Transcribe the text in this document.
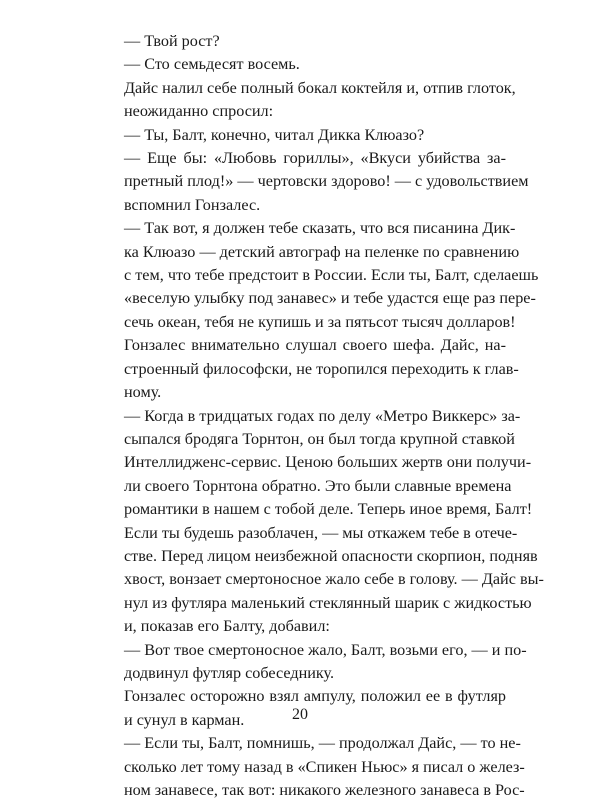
— Твой рост?

— Сто семьдесят восемь.

Дайс налил себе полный бокал коктейля и, отпив глоток,
неожиданно спросил:

— Ты, Балт, конечно, читал Дикка Клюазо?

— Еще бы: «Любовь гориллы», «Вкуси убийства за-
претный плод!» — чертовски здорово! — с удовольствием
вспомнил Гонзалес.

— Так вот, я должен тебе сказать, что вся писанина Дик-
ка Клюазо — детский автограф на пеленке по сравнению
с тем, что тебе предстоит в России. Если ты, Балт, сделаешь
«веселую улыбку под занавес» и тебе удастся еще раз пере-
сечь океан, тебя не купишь и за пятьсот тысяч долларов!

Гонзалес внимательно слушал своего шефа. Дайс, на-
строенный философски, не торопился переходить к глав-
ному.

— Когда в тридцатых годах по делу «Метро Виккерс» за-
сыпался бродяга Торнтон, он был тогда крупной ставкой
Интеллидженс-сервис. Ценою больших жертв они получи-
ли своего Торнтона обратно. Это были славные времена
романтики в нашем с тобой деле. Теперь иное время, Балт!
Если ты будешь разоблачен, — мы откажем тебе в отече-
стве. Перед лицом неизбежной опасности скорпион, подняв
хвост, вонзает смертоносное жало себе в голову. — Дайс вы-
нул из футляра маленький стеклянный шарик с жидкостью
и, показав его Балту, добавил:

— Вот твое смертоносное жало, Балт, возьми его, — и по-
додвинул футляр собеседнику.

Гонзалес осторожно взял ампулу, положил ее в футляр
и сунул в карман.

— Если ты, Балт, помнишь, — продолжал Дайс, — то не-
сколько лет тому назад в «Спикен Ньюс» я писал о желез-
ном занавесе, так вот: никакого железного занавеса в Рос-

20
